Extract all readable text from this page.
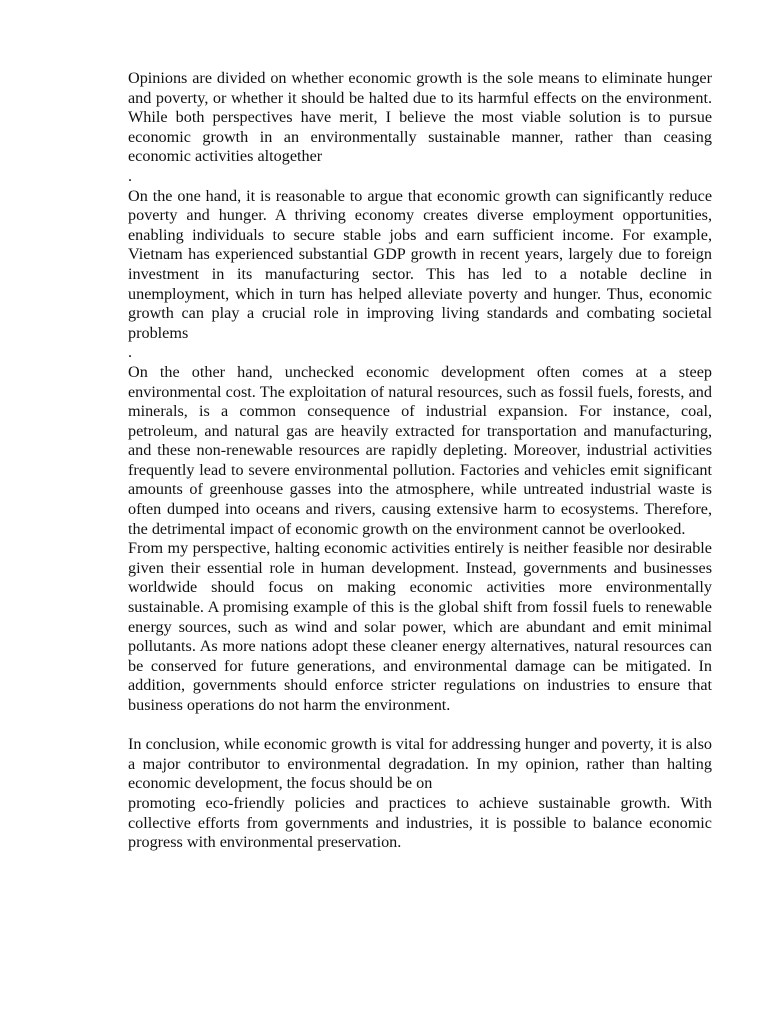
Opinions are divided on whether economic growth is the sole means to eliminate hunger and poverty, or whether it should be halted due to its harmful effects on the environment. While both perspectives have merit, I believe the most viable solution is to pursue economic growth in an environmentally sustainable manner, rather than ceasing economic activities altogether

.

On the one hand, it is reasonable to argue that economic growth can significantly reduce poverty and hunger. A thriving economy creates diverse employment opportunities, enabling individuals to secure stable jobs and earn sufficient income. For example, Vietnam has experienced substantial GDP growth in recent years, largely due to foreign investment in its manufacturing sector. This has led to a notable decline in unemployment, which in turn has helped alleviate poverty and hunger. Thus, economic growth can play a crucial role in improving living standards and combating societal problems

.

On the other hand, unchecked economic development often comes at a steep environmental cost. The exploitation of natural resources, such as fossil fuels, forests, and minerals, is a common consequence of industrial expansion. For instance, coal, petroleum, and natural gas are heavily extracted for transportation and manufacturing, and these non-renewable resources are rapidly depleting. Moreover, industrial activities frequently lead to severe environmental pollution. Factories and vehicles emit significant amounts of greenhouse gasses into the atmosphere, while untreated industrial waste is often dumped into oceans and rivers, causing extensive harm to ecosystems. Therefore, the detrimental impact of economic growth on the environment cannot be overlooked.

From my perspective, halting economic activities entirely is neither feasible nor desirable given their essential role in human development. Instead, governments and businesses worldwide should focus on making economic activities more environmentally sustainable. A promising example of this is the global shift from fossil fuels to renewable energy sources, such as wind and solar power, which are abundant and emit minimal pollutants. As more nations adopt these cleaner energy alternatives, natural resources can be conserved for future generations, and environmental damage can be mitigated. In addition, governments should enforce stricter regulations on industries to ensure that business operations do not harm the environment.

In conclusion, while economic growth is vital for addressing hunger and poverty, it is also a major contributor to environmental degradation. In my opinion, rather than halting economic development, the focus should be on

promoting eco-friendly policies and practices to achieve sustainable growth. With collective efforts from governments and industries, it is possible to balance economic progress with environmental preservation.
